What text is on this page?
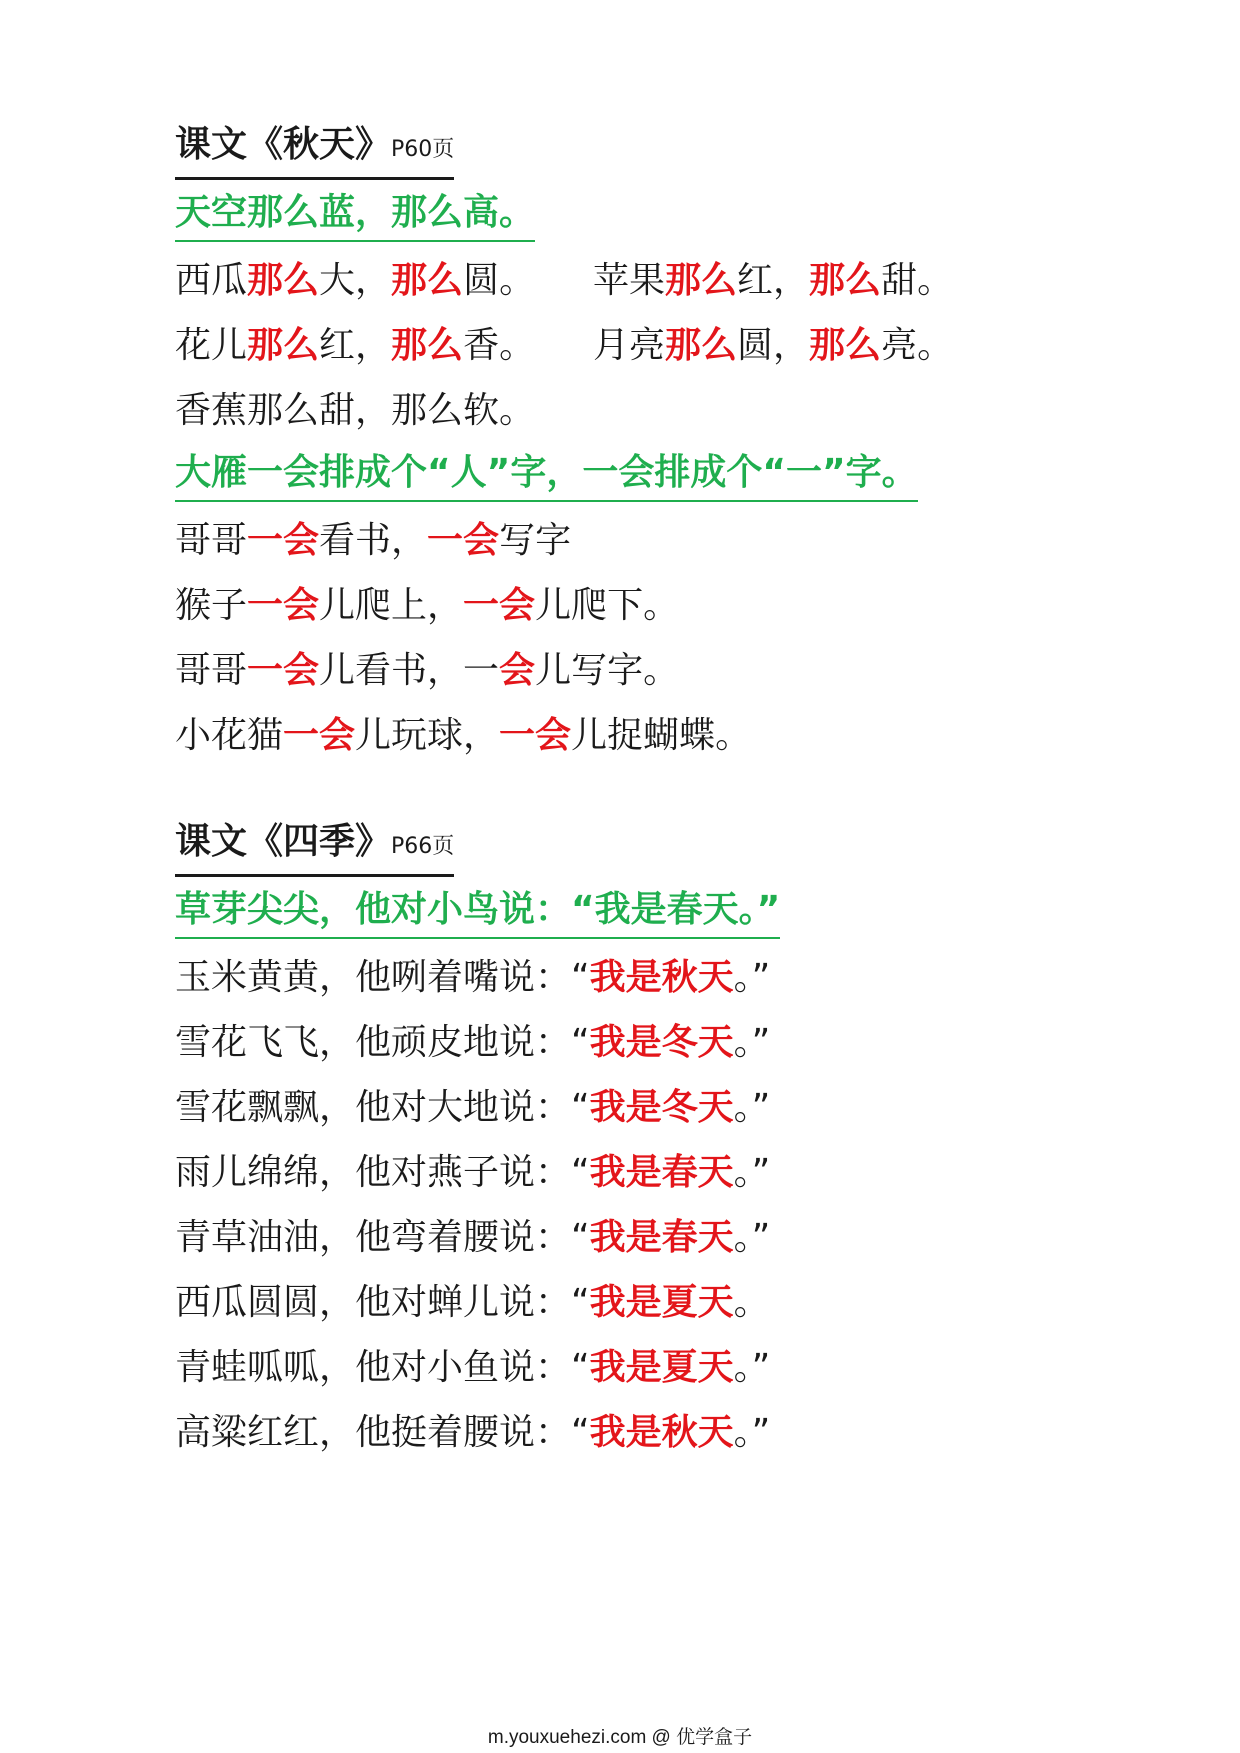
课文《秋天》P60页
天空那么蓝，那么高。
西瓜那么大，那么圆。 苹果那么红，那么甜。
花儿那么红，那么香。 月亮那么圆，那么亮。
香蕉那么甜，那么软。
大雁一会排成个“人”字，一会排成个“一”字。
哥哥 一会 看书， 一会 写字
猴子 一会 儿爬上， 一会 儿爬下。
哥哥 一会 儿看书，一 会 儿写字。
小花猫 一会 儿玩球， 一会 儿捉蝴蝶。
课文《四季》P66页
草芽尖尖，他对小鸟说：“我是春天。”
玉米黄黄，他咧着嘴说：“ 我是秋天 。”
雪花飞飞，他顽皮地说：“ 我是冬天 。”
雪花飘飘，他对大地说：“ 我是冬天 。”
雨儿绵绵，他对燕子说：“ 我是春天 。”
青草油油，他弯着腰说：“ 我是春天 。”
西瓜圆圆，他对蝉儿说：“ 我是夏天 。
青蛙呱呱，他对小鱼说：“ 我是夏天 。”
高粱红红，他挺着腰说：“ 我是秋天 。”
m.youxuehezi.com @ 优学盒子
